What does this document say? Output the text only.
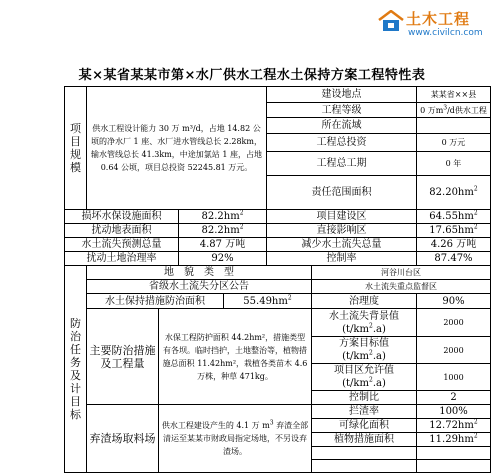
土木工程
www.civilcn.com
某×某省某某市第×水厂供水工程水土保持方案工程特性表
项目规模	供水工程设计能力 30 万 m³/d，占地 14.82 公顷的净水厂 1 座、水厂进水管线总长 2.28km，输水管线总长 41.3km，中途加氯站 1 座，占地 0.64 公顷，项目总投资 52245.81 万元。				建设地点		某某省××县
					工程等级		0 万$m^3/d$供水工程
					所在流域		
					工程总投资		0 万元
					工程总工期		0 年
					责任范围面积		$82.20hm^2$
损坏水保设施面积			$82.2hm^2$		项目建设区		$64.55hm^2$
扰动地表面积			$82.2hm^2$		直接影响区		$17.65hm^2$
水土流失预测总量			4.87 万吨		减少水土流失总量		4.26 万吨
扰动土地治理率			92%		控制率		87.47%
防治任务及计目标	地　貌　类　型					河谷川台区	
	省级水土流失分区公告					水土流失重点监督区	
	水土保持措施防治面积			$55.49hm^2$		治理度	90%
	主要防治措施及工程量	水保工程防护面积 44.2hm²，措施类型有各坝。临时挡护，土地整治等，植物措施总面积 11.42hm²，栽植各类苗木 4.6 万株，种草 471kg。				水土流失背景值
$(t/km^2.a)$	2000
						方案目标值
$(t/km^2.a)$	2000
						项目区允许值
$(t/km^2.a)$	1000
						控制比	2
	弃渣场取料场	供水工程建设产生的 4.1 万 $m^3$ 弃渣全部清运至某某市财政局指定场地，不另设弃渣场。				拦渣率	100%
						可绿化面积	$12.72hm^2$
						植物措施面积	$11.29hm^2$
